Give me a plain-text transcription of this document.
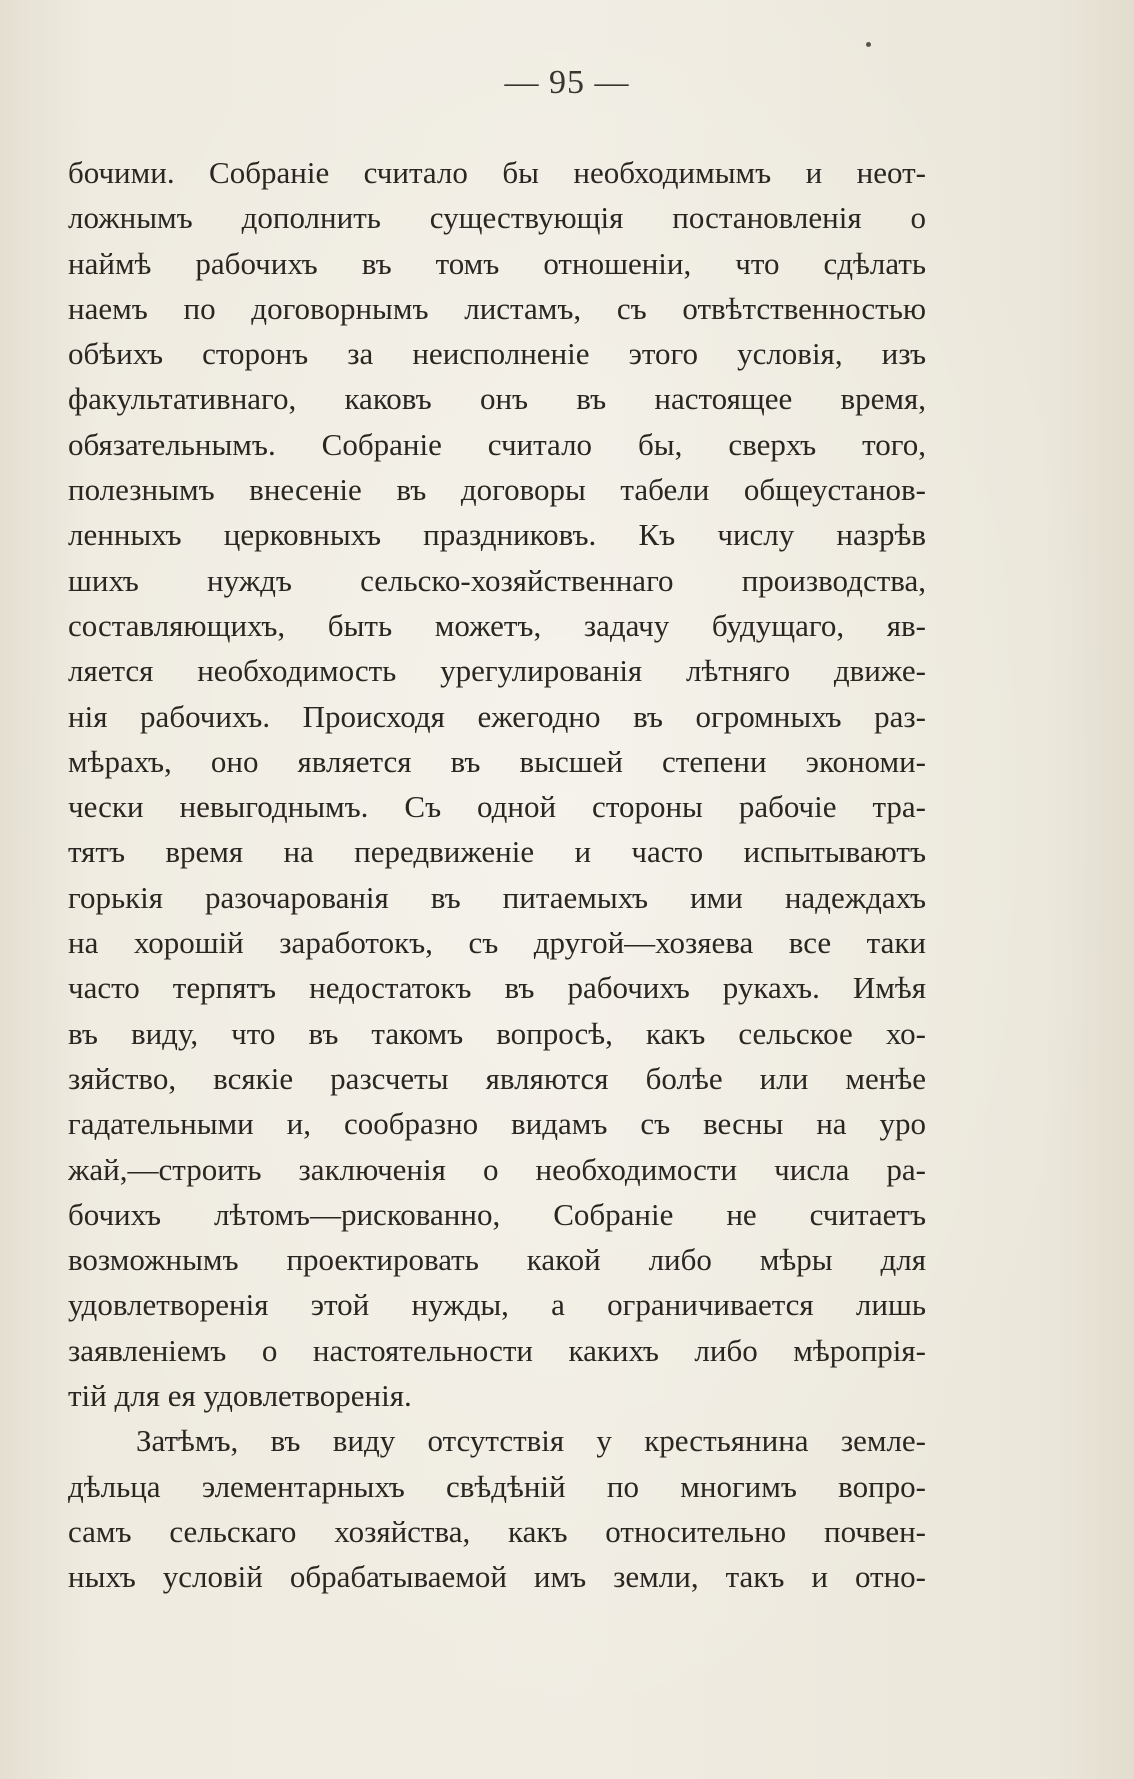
— 95 —
бочими. Собраніе считало бы необходимымъ и неот-
ложнымъ дополнить существующія постановленія о
наймѣ рабочихъ въ томъ отношеніи, что сдѣлать
наемъ по договорнымъ листамъ, съ отвѣтственностью
обѣихъ сторонъ за неисполненіе этого условія, изъ
факультативнаго, каковъ онъ въ настоящее время,
обязательнымъ. Собраніе считало бы, сверхъ того,
полезнымъ внесеніе въ договоры табели общеустанов-
ленныхъ церковныхъ праздниковъ. Къ числу назрѣв
шихъ нуждъ сельско-хозяйственнаго производства,
составляющихъ, быть можетъ, задачу будущаго, яв-
ляется необходимость урегулированія лѣтняго движе-
нія рабочихъ. Происходя ежегодно въ огромныхъ раз-
мѣрахъ, оно является въ высшей степени экономи-
чески невыгоднымъ. Съ одной стороны рабочіе тра-
тятъ время на передвиженіе и часто испытываютъ
горькія разочарованія въ питаемыхъ ими надеждахъ
на хорошій заработокъ, съ другой—хозяева все таки
часто терпятъ недостатокъ въ рабочихъ рукахъ. Имѣя
въ виду, что въ такомъ вопросѣ, какъ сельское хо-
зяйство, всякіе разсчеты являются болѣе или менѣе
гадательными и, сообразно видамъ съ весны на уро
жай,—строить заключенія о необходимости числа ра-
бочихъ лѣтомъ—рискованно, Собраніе не считаетъ
возможнымъ проектировать какой либо мѣры для
удовлетворенія этой нужды, а ограничивается лишь
заявленіемъ о настоятельности какихъ либо мѣропрія-
тій для ея удовлетворенія.
Затѣмъ, въ виду отсутствія у крестьянина земле-
дѣльца элементарныхъ свѣдѣній по многимъ вопро-
самъ сельскаго хозяйства, какъ относительно почвен-
ныхъ условій обрабатываемой имъ земли, такъ и отно-
